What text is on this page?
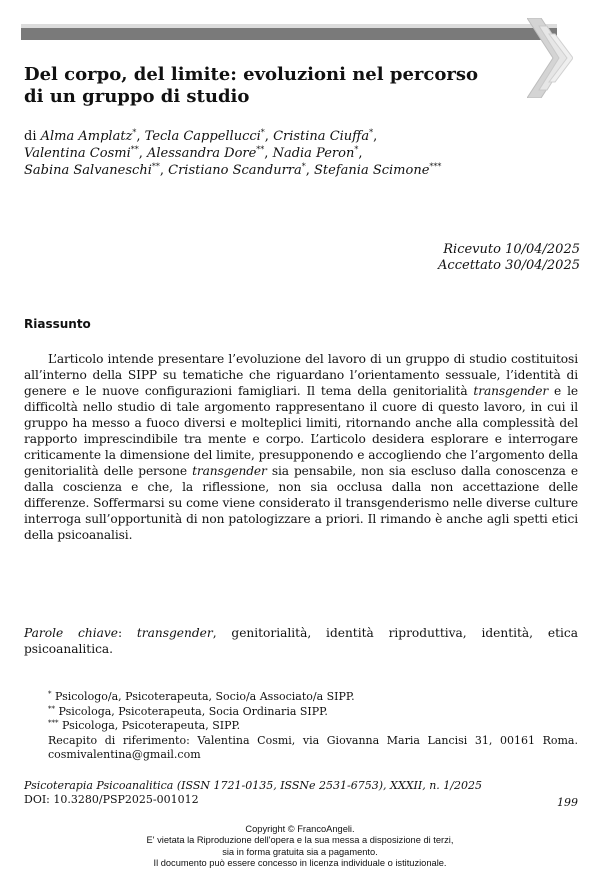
Del corpo, del limite: evoluzioni nel percorso
di un gruppo di studio

di Alma Amplatz*, Tecla Cappellucci*, Cristina Ciuffa*,
Valentina Cosmi**, Alessandra Dore**, Nadia Peron*,
Sabina Salvaneschi**, Cristiano Scandurra*, Stefania Scimone***

Ricevuto 10/04/2025
Accettato 30/04/2025
Riassunto

L’articolo intende presentare l’evoluzione del lavoro di un gruppo di studio costituitosi all’interno della SIPP su tematiche che riguardano l’orientamento sessuale, l’identità di genere e le nuove configurazioni famigliari. Il tema della genitorialità transgender e le difficoltà nello studio di tale argomento rappresentano il cuore di questo lavoro, in cui il gruppo ha messo a fuoco diversi e molteplici limiti, ritornando anche alla complessità del rapporto imprescindibile tra mente e corpo. L’articolo desidera esplorare e interrogare criticamente la dimensione del limite, presupponendo e accogliendo che l’argomento della genitorialità delle persone transgender sia pensabile, non sia escluso dalla conoscenza e dalla coscienza e che, la riflessione, non sia occlusa dalla non accettazione delle differenze. Soffermarsi su come viene considerato il transgenderismo nelle diverse culture interroga sull’opportunità di non patologizzare a priori. Il rimando è anche agli spetti etici della psicoanalisi.

Parole chiave: transgender, genitorialità, identità riproduttiva, identità, etica psicoanalitica.

* Psicologo/a, Psicoterapeuta, Socio/a Associato/a SIPP.
** Psicologa, Psicoterapeuta, Socia Ordinaria SIPP.
*** Psicologa, Psicoterapeuta, SIPP.
Recapito di riferimento: Valentina Cosmi, via Giovanna Maria Lancisi 31, 00161 Roma. cosmivalentina@gmail.com
Psicoterapia Psicoanalitica (ISSN 1721-0135, ISSNe 2531-6753), XXXII, n. 1/2025
DOI: 10.3280/PSP2025-001012	199
Copyright © FrancoAngeli.
E' vietata la Riproduzione dell'opera e la sua messa a disposizione di terzi,
sia in forma gratuita sia a pagamento.
Il documento può essere concesso in licenza individuale o istituzionale.
